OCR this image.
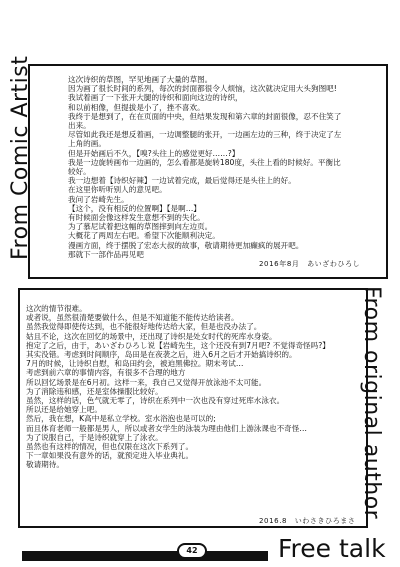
From Comic Artist	这次诗织的草图，罕见地画了大量的草图。
因为画了很长时间的系列，每次的封面都很令人烦恼，这次就决定用大头狗图吧!
我试着画了一下张开大腿的诗织和面向这边的诗织，
和以前相像，但提拔是小了，挫不喜欢。
我终于是想到了，在在页面的中央，但结果发现和第六章的封面很像，忍不住笑了出来。
尽管如此我还是想反着画，一边调整腿的张开，一边画左边的三种，终于决定了左上角的画。
但是开始画后不久，【嗅?头往上的感觉更好……?】
我是一边旋转画布一边画的，怎么看都是旋转180度，头往上看的时候好。平衡比较好。
我一边想着【诗织好辣】一边试着完成，最后觉得还是头往上的好。
在这里你听听别人的意见吧。
我问了岩崎先生。
【这个，没有相反的位置啊】【是啊…】
有时候面会像这样发生意想不到的失化。
为了慕尼试着把这幅的草图摔到向左边页。
大概花了两周左右吧。希望下次能顺利决定。
漫画方面，终于摆脱了宏态大叔的故事，敬请期待更加癫疯的展开吧。
那就下一部作品再见吧
2016年8月　あいざわひろし
From original author
这次的情节很难。
或者说，虽然很清楚要做什么，但是不知道能不能传达给读者。
虽然我觉得即使传达到，也不能很好地传达给大家，但是也没办法了。
姑且不论，这次在回忆的场景中，还出现了诗织是处女时代的死库水身姿。
抱定了之后，由于，あいざわひろし说【岩崎先生，这个还没有到7月吧? 不觉得奇怪吗?】
其实没错。考虑到时间顺序，岛田是在夜袭之后，进入6月之后才开始搞诗织的。
7月的时候，让诗织自慰，和岛田约会，被迫黑佛拉。期末考试…
考虑到前六章的事情内容，有很多不合理的地方
所以回忆场景是在6月初。这样一来，我自己又觉得开放泳池不太可能。
为了消除违和感，还是室体操服比较好。
虽然，这样的话，色气就无零了，诗织在系列中一次也没有穿过死库水泳衣。
所以还是给她穿上吧。
然后，我在想，K高中是私立学校。室水浴泡也是可以的;
而且体育老师一般都是男人，所以或者女学生的泳装为理由他们上游泳课也不奇怪…
为了说服自己，于是诗织就穿上了泳衣。
虽然也有这样的情况，但也仅限在这次下系列了。
下一章如果没有意外的话，就预定进入毕业典礼。
敬请期待。
2016.8　いわさきひろまさ
42	Free talk
